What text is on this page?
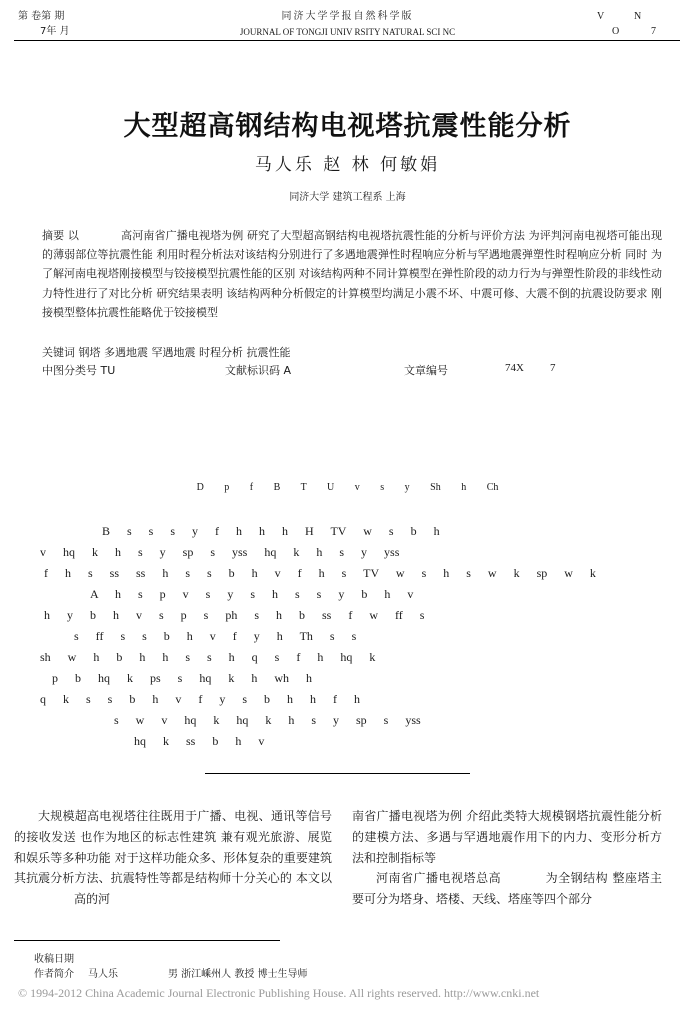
第 卷第 期
7年 月
同济大学学报自然科学版
JOURNAL OF TONGJI UNIV RSITY NATURAL SCI NC
V	N
O	7
大型超高钢结构电视塔抗震性能分析
马人乐 赵 林 何敏娟
同济大学 建筑工程系 上海
摘要 以	高河南省广播电视塔为例 研究了大型超高钢结构电视塔抗震性能的分析与评价方法 为评判河南电视塔可能出现的薄弱部位等抗震性能 利用时程分析法对该结构分别进行了多遇地震弹性时程响应分析与罕遇地震弹塑性时程响应分析 同时 为了解河南电视塔刚接模型与铰接模型抗震性能的区别 对该结构两种不同计算模型在弹性阶段的动力行为与弹塑性阶段的非线性动力特性进行了对比分析 研究结果表明 该结构两种分析假定的计算模型均满足小震不坏、中震可修、大震不倒的抗震设防要求 刚接模型整体抗震性能略优于铰接模型
关键词 钢塔 多遇地震 罕遇地震 时程分析 抗震性能
中图分类号 TU	文献标识码 A	文章编号	74X 7
D p f B T U v s y Sh h Ch
B s s s y f h h h H TV w s b h
v hq k h s y sp s yss hq k h s y yss
f h s ss ss h s s b h v f h s TV w s h s w k sp w k
A h s p v s y s h s s y b h v
h y b h v s p s ph s h b ss f w ff s
s ff s s b h v f y h Th s s
sh w h b h h s s h q s f h hq k
p b hq k ps s hq k h wh h
q k s s b h v f y s b h h f h
s w v hq k hq k h s y sp s yss
hq k ss b h v

大规模超高电视塔往往既用于广播、电视、通讯等信号的接收发送 也作为地区的标志性建筑 兼有观光旅游、展览和娱乐等多种功能 对于这样功能众多、形体复杂的重要建筑 其抗震分析方法、抗震特性等都是结构师十分关心的 本文以高的河

南省广播电视塔为例 介绍此类特大规模钢塔抗震性能分析的建模方法、多遇与罕遇地震作用下的内力、变形分析方法和控制指标等

河南省广播电视塔总高	为全钢结构 整座塔主要可分为塔身、塔楼、天线、塔座等四个部分

收稿日期
作者简介 马人乐	男 浙江嵊州人 教授 博士生导师
© 1994-2012 China Academic Journal Electronic Publishing House. All rights reserved. http://www.cnki.net
